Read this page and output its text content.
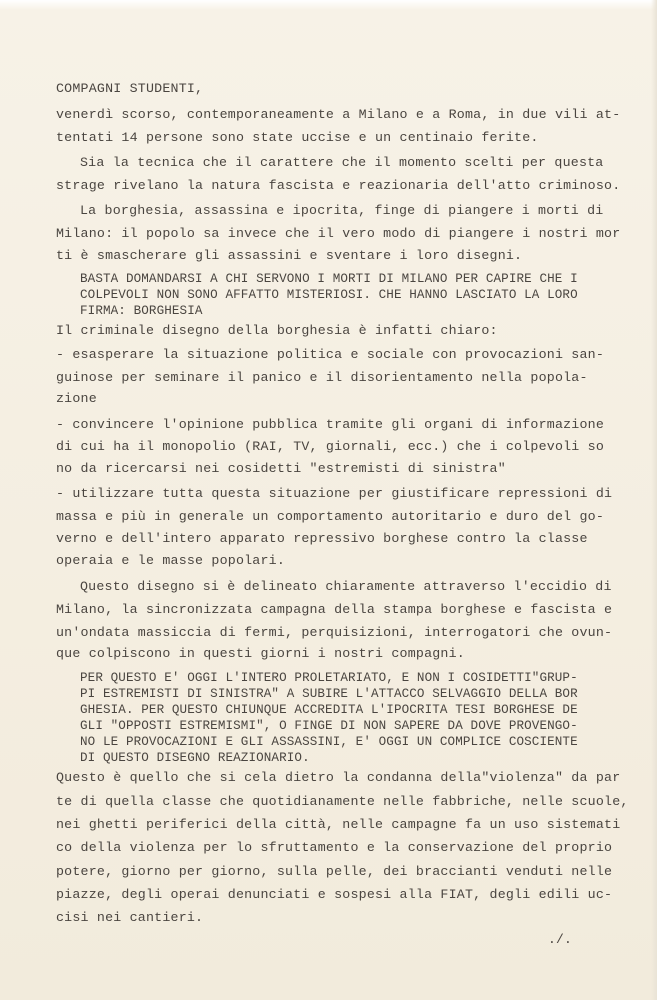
COMPAGNI STUDENTI,
venerdì scorso, contemporaneamente a Milano e a Roma, in due vili at-
tentati 14 persone sono state uccise e un centinaio ferite.
Sia la tecnica che il carattere che il momento scelti per questa
strage rivelano la natura fascista e reazionaria dell'atto criminoso.
La borghesia, assassina e ipocrita, finge di piangere i morti di
Milano: il popolo sa invece che il vero modo di piangere i nostri mor
ti è smascherare gli assassini e sventare i loro disegni.
BASTA DOMANDARSI A CHI SERVONO I MORTI DI MILANO PER CAPIRE CHE I
COLPEVOLI NON SONO AFFATTO MISTERIOSI. CHE HANNO LASCIATO LA LORO
FIRMA: BORGHESIA
Il criminale disegno della borghesia è infatti chiaro:
- esasperare la situazione politica e sociale con provocazioni san-
guinose per seminare il panico e il disorientamento nella popola-
zione
- convincere l'opinione pubblica tramite gli organi di informazione
di cui ha il monopolio (RAI, TV, giornali, ecc.) che i colpevoli so
no da ricercarsi nei cosidetti "estremisti di sinistra"
- utilizzare tutta questa situazione per giustificare repressioni di
massa e più in generale un comportamento autoritario e duro del go-
verno e dell'intero apparato repressivo borghese contro la classe
operaia e le masse popolari.
Questo disegno si è delineato chiaramente attraverso l'eccidio di
Milano, la sincronizzata campagna della stampa borghese e fascista e
un'ondata massiccia di fermi, perquisizioni, interrogatori che ovun-
que colpiscono in questi giorni i nostri compagni.
PER QUESTO E' OGGI L'INTERO PROLETARIATO, E NON I COSIDETTI"GRUP-
PI ESTREMISTI DI SINISTRA" A SUBIRE L'ATTACCO SELVAGGIO DELLA BOR
GHESIA. PER QUESTO CHIUNQUE ACCREDITA L'IPOCRITA TESI BORGHESE DE
GLI "OPPOSTI ESTREMISMI", O FINGE DI NON SAPERE DA DOVE PROVENGO-
NO LE PROVOCAZIONI E GLI ASSASSINI, E' OGGI UN COMPLICE COSCIENTE
DI QUESTO DISEGNO REAZIONARIO.
Questo è quello che si cela dietro la condanna della"violenza" da par
te di quella classe che quotidianamente nelle fabbriche, nelle scuole,
nei ghetti periferici della città, nelle campagne fa un uso sistemati
co della violenza per lo sfruttamento e la conservazione del proprio
potere, giorno per giorno, sulla pelle, dei braccianti venduti nelle
piazze, degli operai denunciati e sospesi alla FIAT, degli edili uc-
cisi nei cantieri.
./.
